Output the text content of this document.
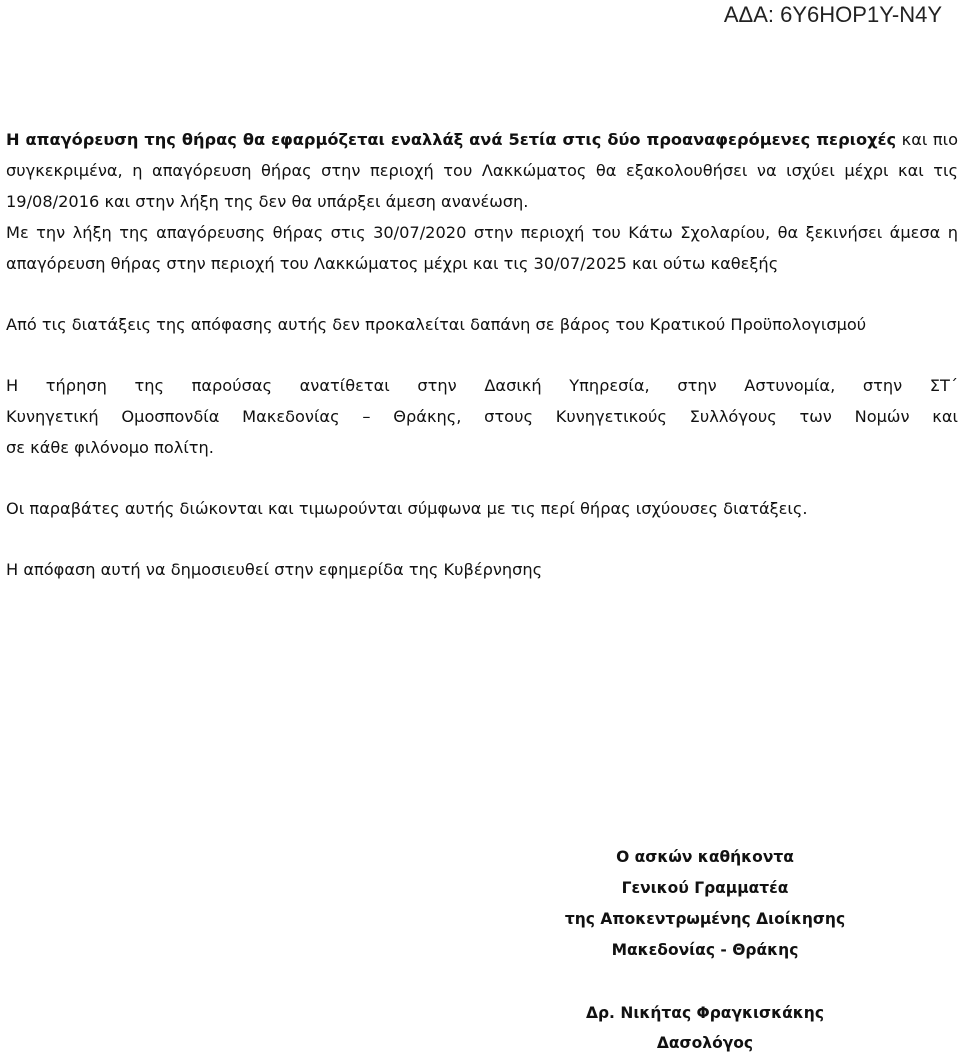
ΑΔΑ: 6Υ6ΗΟΡ1Υ-Ν4Υ

Η απαγόρευση της θήρας θα εφαρμόζεται εναλλάξ ανά 5ετία στις δύο προαναφερόμενες περιοχές και πιο συγκεκριμένα, η απαγόρευση θήρας στην περιοχή του Λακκώματος θα εξακολουθήσει να ισχύει μέχρι και τις 19/08/2016 και στην λήξη της δεν θα υπάρξει άμεση ανανέωση.

Με την λήξη της απαγόρευσης θήρας στις 30/07/2020 στην περιοχή του Κάτω Σχολαρίου, θα ξεκινήσει άμεσα η απαγόρευση θήρας στην περιοχή του Λακκώματος μέχρι και τις 30/07/2025 και ούτω καθεξής

Από τις διατάξεις της απόφασης αυτής δεν προκαλείται δαπάνη σε βάρος του Κρατικού Προϋπολογισμού

Η τήρηση της παρούσας ανατίθεται στην Δασική Υπηρεσία, στην Αστυνομία, στην ΣΤ΄
Κυνηγετική Ομοσπονδία Μακεδονίας – Θράκης, στους Κυνηγετικούς Συλλόγους των Νομών και
σε κάθε φιλόνομο πολίτη.

Οι παραβάτες αυτής διώκονται και τιμωρούνται σύμφωνα με τις περί θήρας ισχύουσες διατάξεις.

Η απόφαση αυτή να δημοσιευθεί στην εφημερίδα της Κυβέρνησης

Ο ασκών καθήκοντα
Γενικού Γραμματέα
της Αποκεντρωμένης Διοίκησης
Μακεδονίας - Θράκης
Δρ. Νικήτας Φραγκισκάκης
Δασολόγος
